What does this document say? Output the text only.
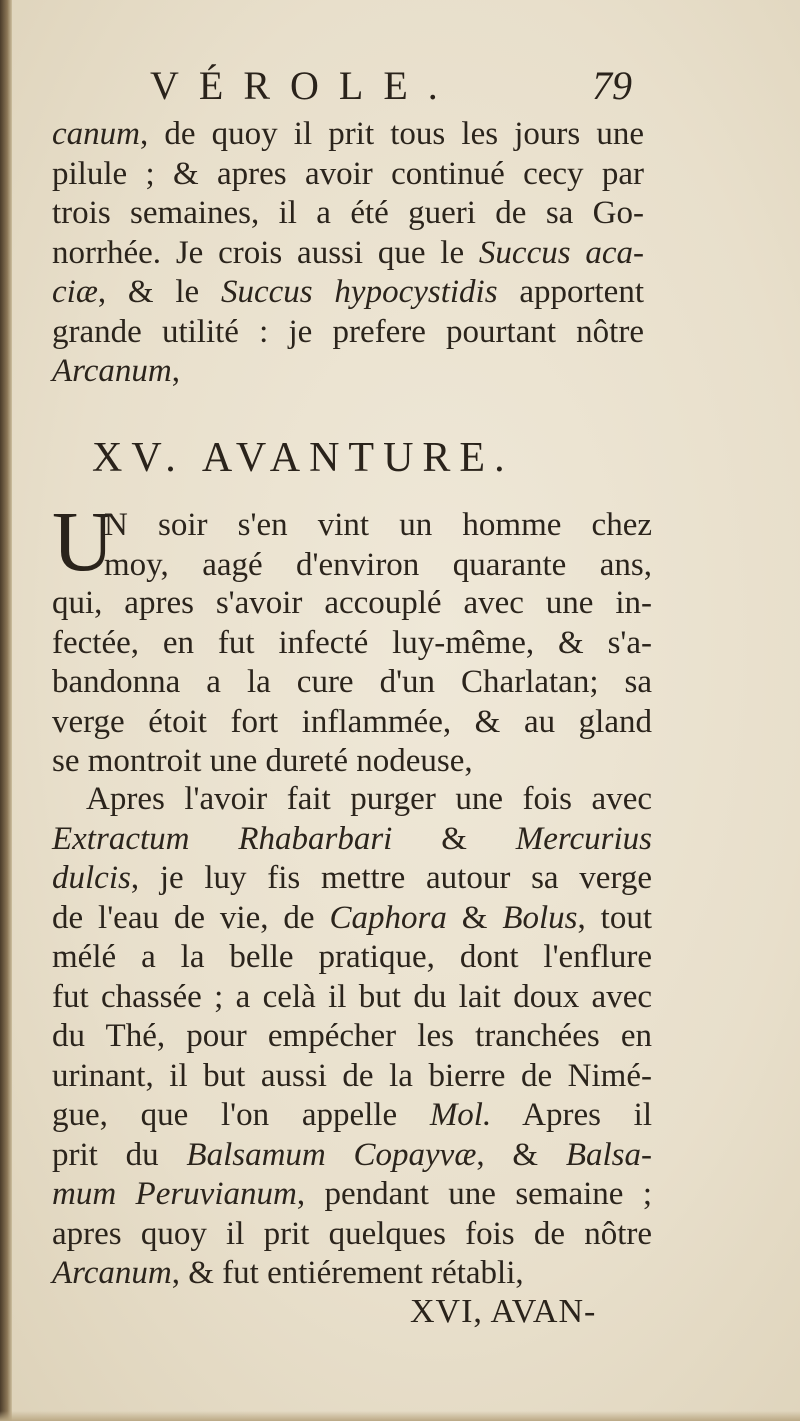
VÉROLE.	79
canum, de quoy il prit tous les jours une
pilule ; & apres avoir continué cecy par
trois semaines, il a été gueri de sa Go-
norrhée. Je crois aussi que le Succus aca-
ciæ, & le Succus hypocystidis apportent
grande utilité : je prefere pourtant nôtre
Arcanum,
XV. AVANTURE.
U
N soir s'en vint un homme chez
moy, aagé d'environ quarante ans,
qui, apres s'avoir accouplé avec une in-
fectée, en fut infecté luy-même, & s'a-
bandonna a la cure d'un Charlatan; sa
verge étoit fort inflammée, & au gland
se montroit une dureté nodeuse,
Apres l'avoir fait purger une fois avec
Extractum Rhabarbari & Mercurius
dulcis, je luy fis mettre autour sa verge
de l'eau de vie, de Caphora & Bolus, tout
mélé a la belle pratique, dont l'enflure
fut chassée ; a celà il but du lait doux avec
du Thé, pour empécher les tranchées en
urinant, il but aussi de la bierre de Nimé-
gue, que l'on appelle Mol. Apres il
prit du Balsamum Copayvæ, & Balsa-
mum Peruvianum, pendant une semaine ;
apres quoy il prit quelques fois de nôtre
Arcanum, & fut entiérement rétabli,
XVI, AVAN-
